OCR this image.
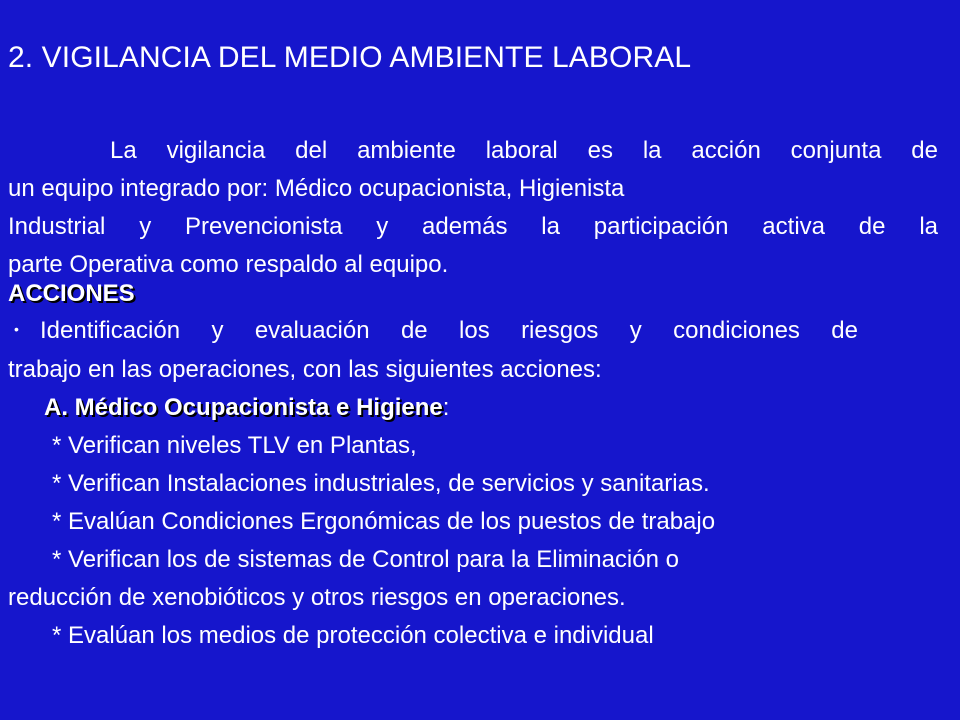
2. VIGILANCIA DEL MEDIO AMBIENTE LABORAL
La vigilancia del ambiente laboral es la acción conjunta de
un equipo integrado por: Médico ocupacionista, Higienista
Industrial y Prevencionista y además la participación activa de la
parte Operativa como respaldo al equipo.
ACCIONES
• Identificación y evaluación de los riesgos y condiciones de
trabajo en las operaciones, con las siguientes acciones:
A. Médico Ocupacionista e Higiene:
* Verifican niveles TLV en Plantas,
* Verifican Instalaciones industriales, de servicios y sanitarias.
* Evalúan Condiciones Ergonómicas de los puestos de trabajo
* Verifican los de sistemas de Control para la Eliminación o
reducción de xenobióticos y otros riesgos en operaciones.
* Evalúan los medios de protección colectiva e individual
